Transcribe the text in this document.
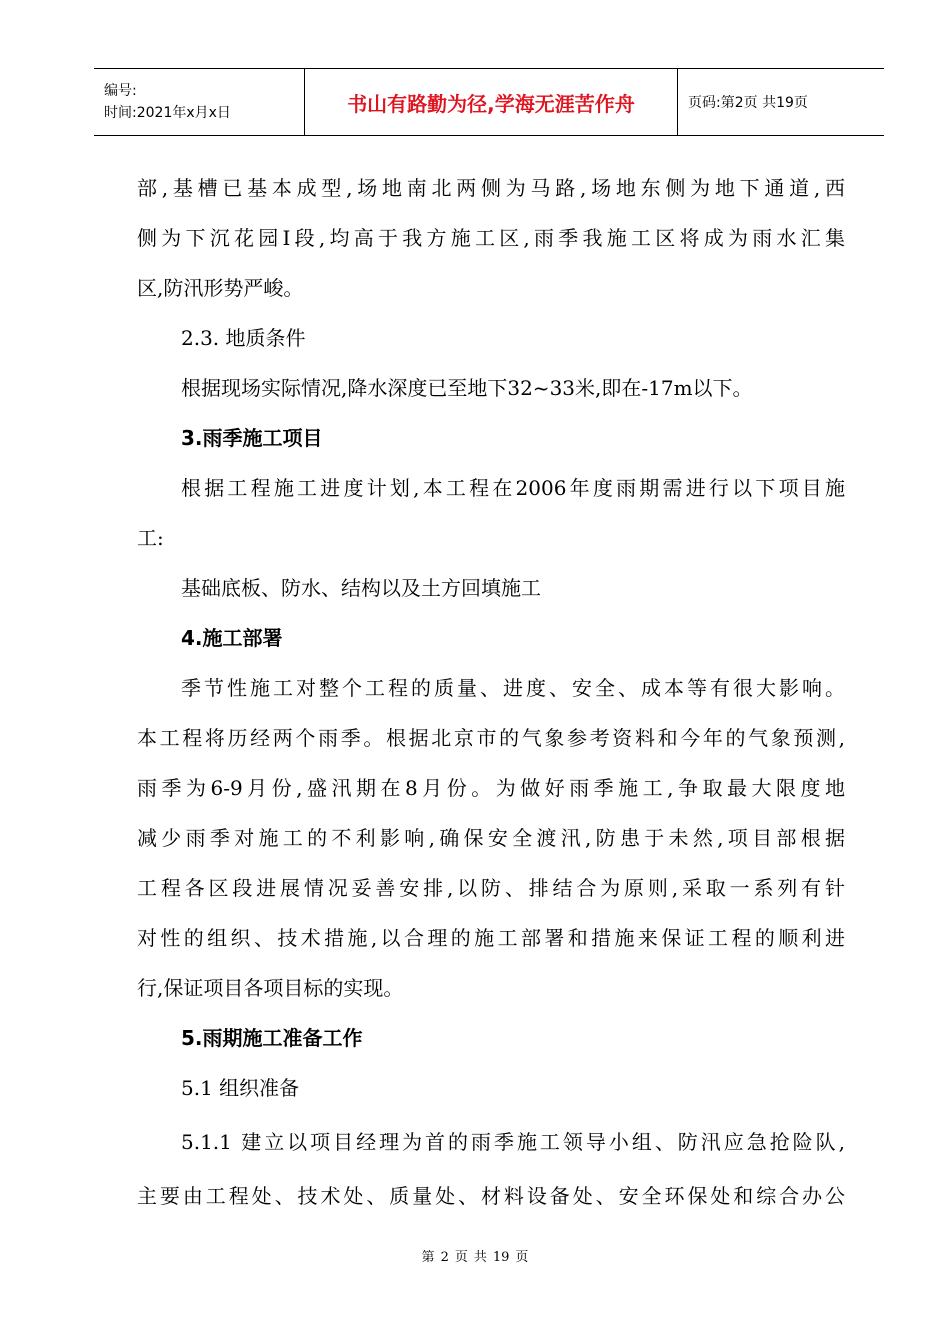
编号:
时间:2021年x月x日	书山有路勤为径,学海无涯苦作舟	页码:第2页 共19页
部,基槽已基本成型,场地南北两侧为马路,场地东侧为地下通道,西
侧为下沉花园I段,均高于我方施工区,雨季我施工区将成为雨水汇集
区,防汛形势严峻。
2.3. 地质条件
根据现场实际情况,降水深度已至地下32~33米,即在-17m以下。
3.雨季施工项目
根据工程施工进度计划,本工程在2006年度雨期需进行以下项目施
工:
基础底板、防水、结构以及土方回填施工
4.施工部署
季节性施工对整个工程的质量、进度、安全、成本等有很大影响。
本工程将历经两个雨季。根据北京市的气象参考资料和今年的气象预测,
雨季为6-9月份,盛汛期在8月份。为做好雨季施工,争取最大限度地
减少雨季对施工的不利影响,确保安全渡汛,防患于未然,项目部根据
工程各区段进展情况妥善安排,以防、排结合为原则,采取一系列有针
对性的组织、技术措施,以合理的施工部署和措施来保证工程的顺利进
行,保证项目各项目标的实现。
5.雨期施工准备工作
5.1 组织准备
5.1.1 建立以项目经理为首的雨季施工领导小组、防汛应急抢险队,
主要由工程处、技术处、质量处、材料设备处、安全环保处和综合办公
第 2 页 共 19 页
